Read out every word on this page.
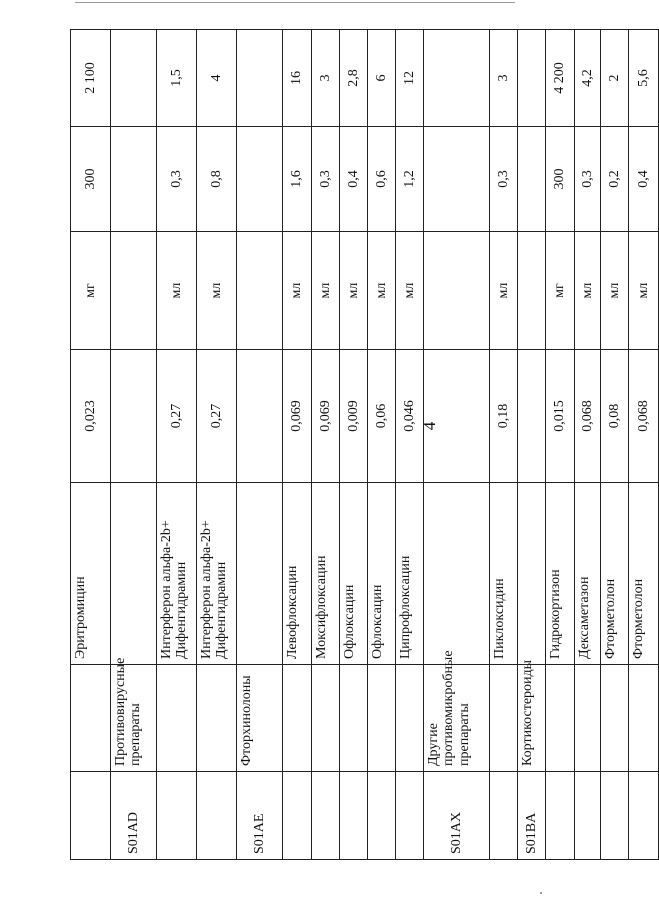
4
		Эритромицин	0,023	мг	300	2 100
S01AD	Противовирусные препараты					
		Интерферон альфа-2b+ Дифенгидрамин	0,27	мл	0,3	1,5
		Интерферон альфа-2b+ Дифенгидрамин	0,27	мл	0,8	4
S01AE	Фторхинолоны					
		Левофлоксацин	0,069	мл	1,6	16
		Моксифлоксацин	0,069	мл	0,3	3
		Офлоксацин	0,009	мл	0,4	2,8
		Офлоксацин	0,06	мл	0,6	6
		Ципрофлоксацин	0,046	мл	1,2	12
S01AX	Другие противомикробные препараты					
		Пиклоксидин	0,18	мл	0,3	3
S01BA	Кортикостероиды					
		Гидрокортизон	0,015	мг	300	4 200
		Дексаметазон	0,068	мл	0,3	4,2
		Фторметолон	0,08	мл	0,2	2
		Фторметолон	0,068	мл	0,4	5,6
